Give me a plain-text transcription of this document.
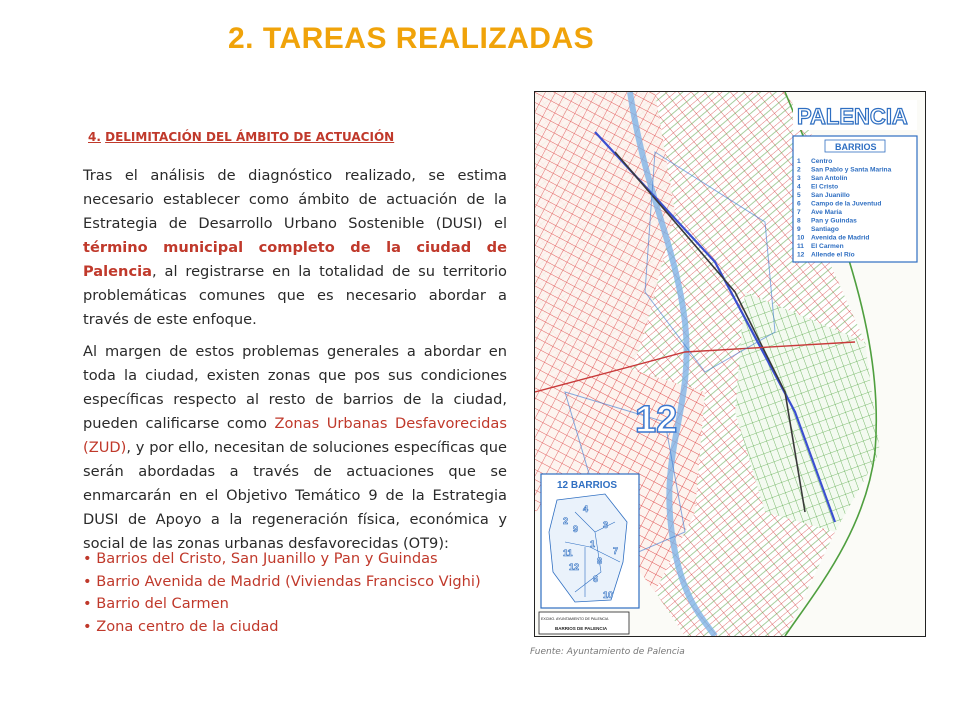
2. TAREAS REALIZADAS
4. DELIMITACIÓN DEL ÁMBITO DE ACTUACIÓN
Tras el análisis de diagnóstico realizado, se estima necesario establecer como ámbito de actuación de la Estrategia de Desarrollo Urbano Sostenible (DUSI) el término municipal completo de la ciudad de Palencia, al registrarse en la totalidad de su territorio problemáticas comunes que es necesario abordar a través de este enfoque.
Al margen de estos problemas generales a abordar en toda la ciudad, existen zonas que pos sus condiciones específicas respecto al resto de barrios de la ciudad, pueden calificarse como Zonas Urbanas Desfavorecidas (ZUD), y por ello, necesitan de soluciones específicas que serán abordadas a través de actuaciones que se enmarcarán en el Objetivo Temático 9 de la Estrategia DUSI de Apoyo a la regeneración física, económica y social de las zonas urbanas desfavorecidas (OT9):
• Barrios del Cristo, San Juanillo y Pan y Guindas
• Barrio Avenida de Madrid (Viviendas Francisco Vighi)
• Barrio del Carmen
• Zona centro de la ciudad
PALENCIA
BARRIOS
1 Centro
2 San Pablo y Santa Marina
3 San Antolín
4 El Cristo
5 San Juanillo
6 Campo de la Juventud
7 Ave María
8 Pan y Guindas
9 Santiago
10 Avenida de Madrid
11 El Carmen
12 Allende el Río
12
12 BARRIOS
4
2	3
9
1
7
8
11
12
6
10
EXCMO. AYUNTAMIENTO DE PALENCIA
BARRIOS DE PALENCIA
Fuente: Ayuntamiento de Palencia
